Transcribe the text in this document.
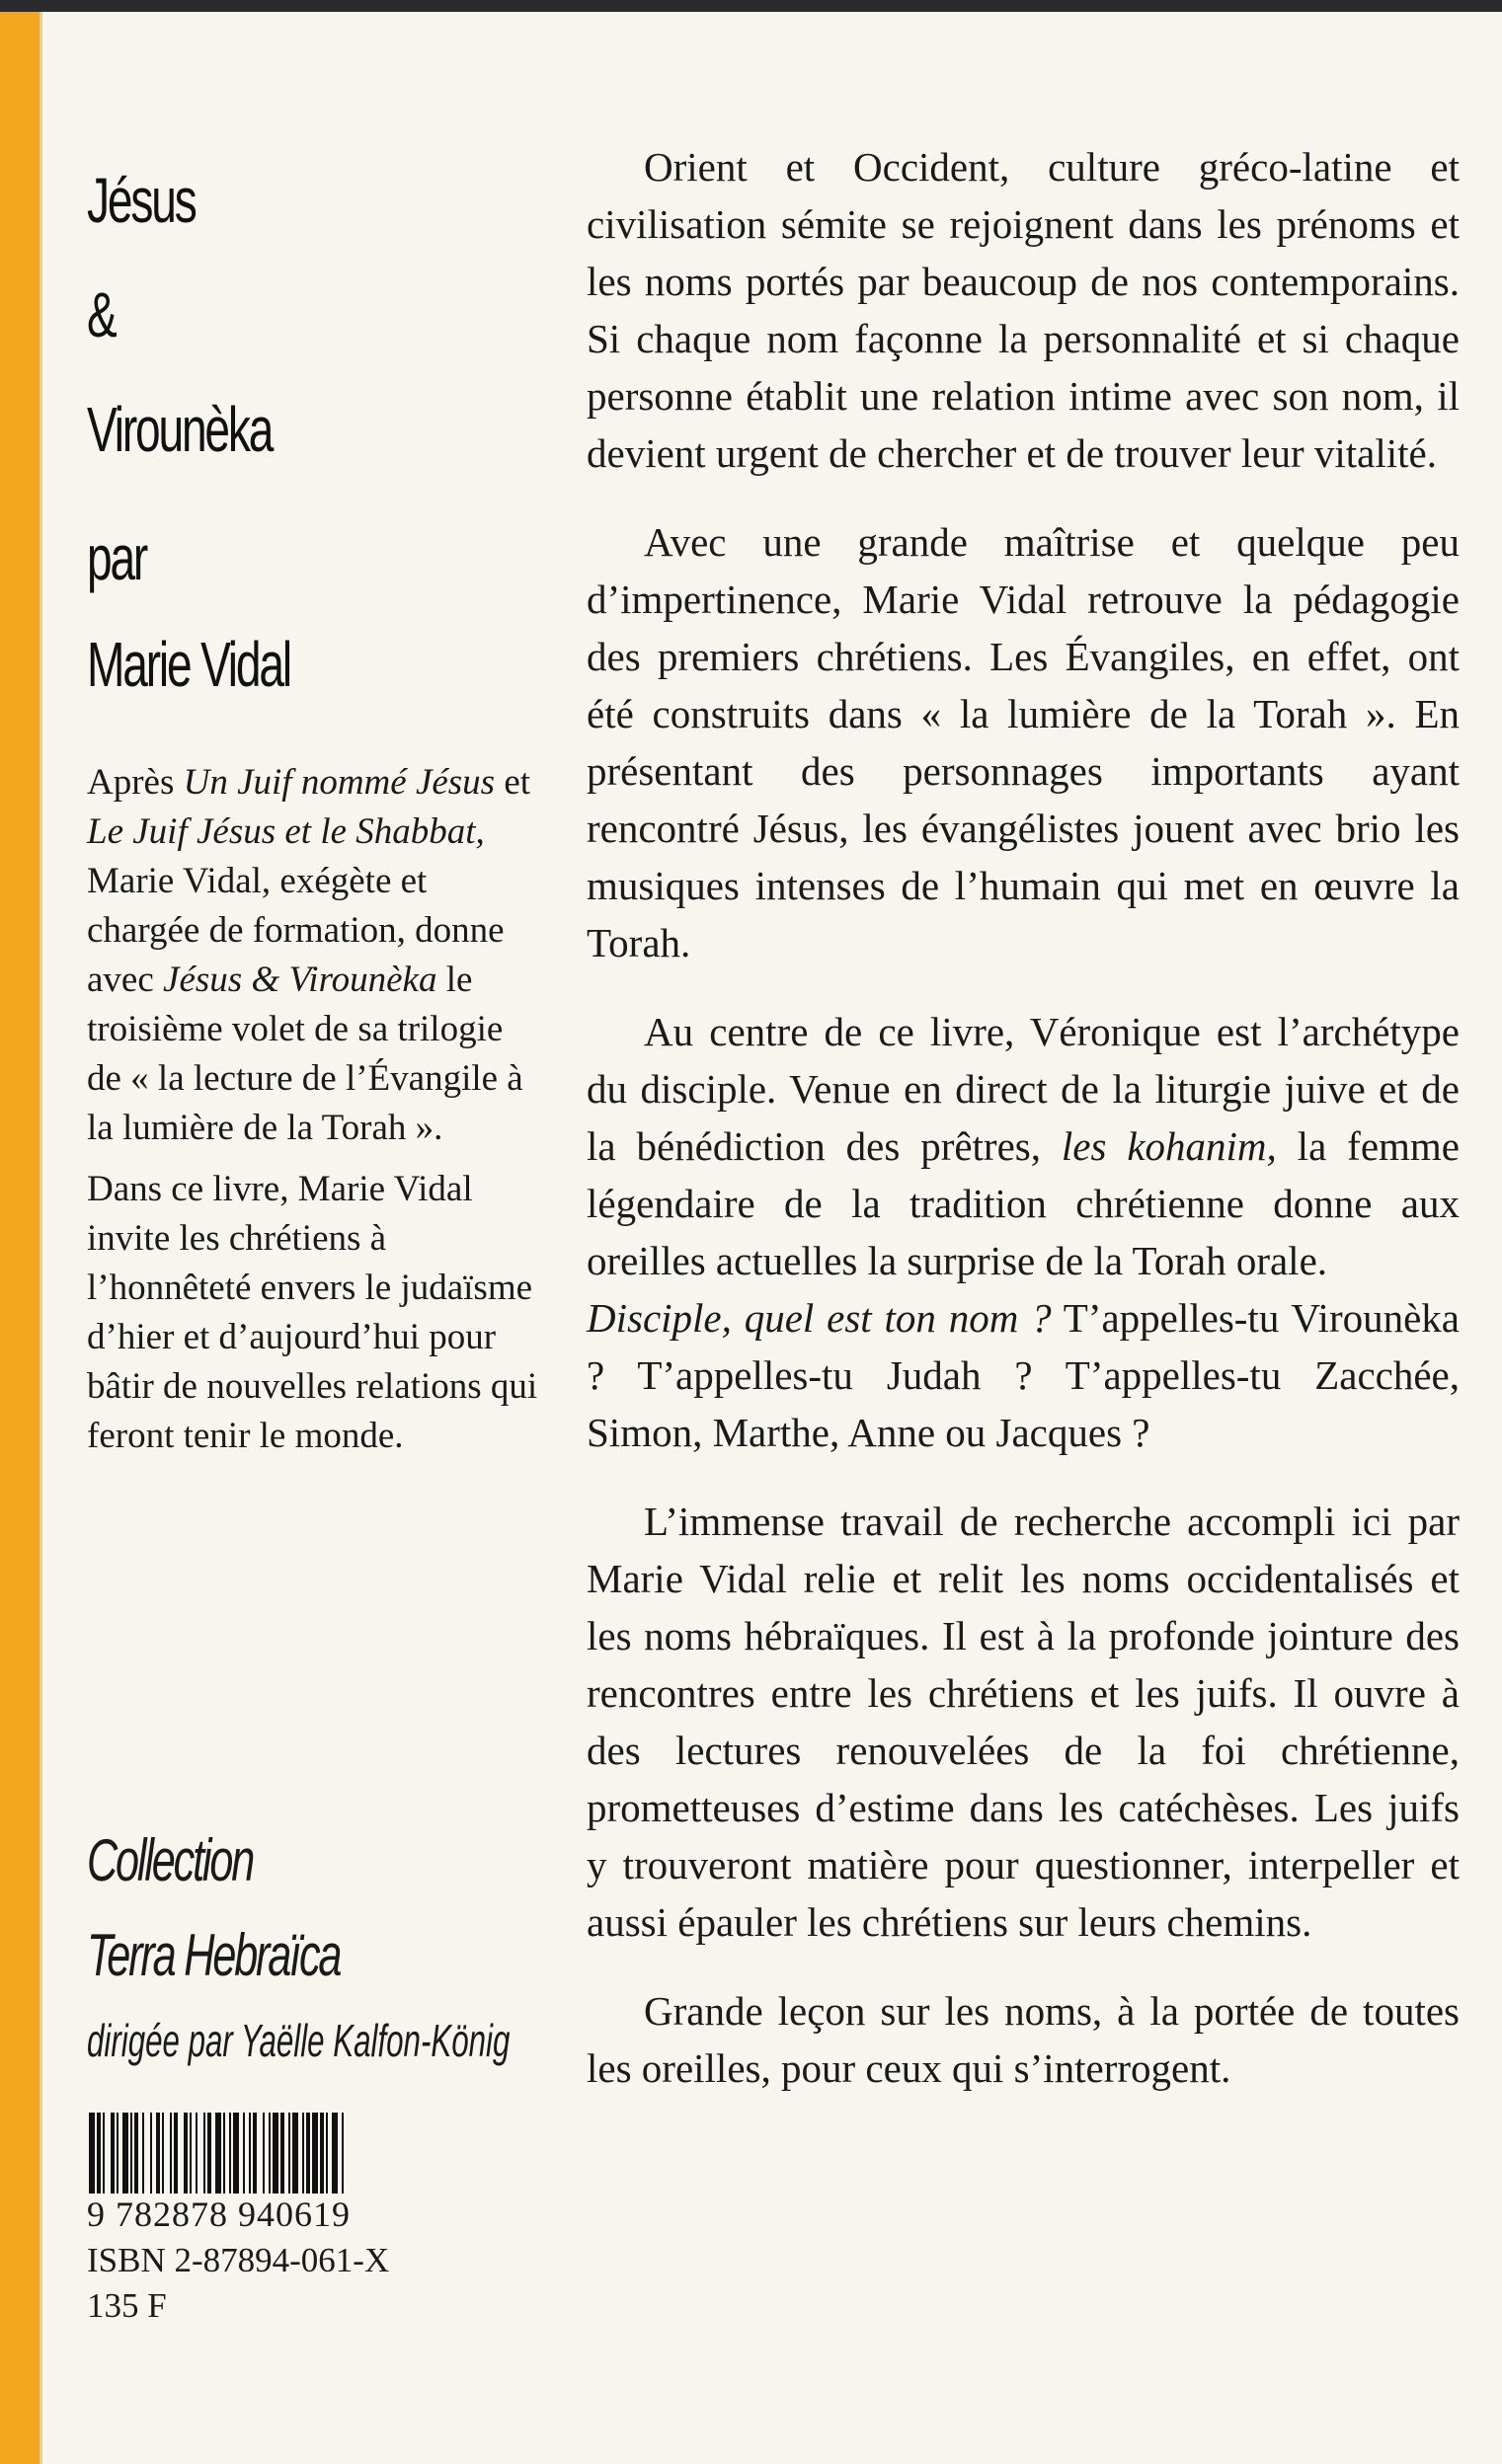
Jésus
&
Virounèka
par
Marie Vidal

Après Un Juif nommé Jésus et Le Juif Jésus et le Shabbat, Marie Vidal, exégète et chargée de formation, donne avec Jésus & Virounèka le troisième volet de sa trilogie de « la lecture de l’Évangile à la lumière de la Torah ».

Dans ce livre, Marie Vidal invite les chrétiens à l’honnêteté envers le judaïsme d’hier et d’aujourd’hui pour bâtir de nouvelles relations qui feront tenir le monde.

Collection
Terra Hebraïca
dirigée par Yaëlle Kalfon-König
9 782878 940619
ISBN 2-87894-061-X
135 F

Orient et Occident, culture gréco-latine et civilisation sémite se rejoignent dans les prénoms et les noms portés par beaucoup de nos contemporains. Si chaque nom façonne la personnalité et si chaque personne établit une relation intime avec son nom, il devient urgent de chercher et de trouver leur vitalité.

Avec une grande maîtrise et quelque peu d’impertinence, Marie Vidal retrouve la pédagogie des premiers chrétiens. Les Évangiles, en effet, ont été construits dans « la lumière de la Torah ». En présentant des personnages importants ayant rencontré Jésus, les évangélistes jouent avec brio les musiques intenses de l’humain qui met en œuvre la Torah.

Au centre de ce livre, Véronique est l’archétype du disciple. Venue en direct de la liturgie juive et de la bénédiction des prêtres, les kohanim, la femme légendaire de la tradition chrétienne donne aux oreilles actuelles la surprise de la Torah orale.
Disciple, quel est ton nom ? T’appelles-tu Virounèka ? T’appelles-tu Judah ? T’appelles-tu Zacchée, Simon, Marthe, Anne ou Jacques ?

L’immense travail de recherche accompli ici par Marie Vidal relie et relit les noms occidentalisés et les noms hébraïques. Il est à la profonde jointure des rencontres entre les chrétiens et les juifs. Il ouvre à des lectures renouvelées de la foi chrétienne, prometteuses d’estime dans les catéchèses. Les juifs y trouveront matière pour questionner, interpeller et aussi épauler les chrétiens sur leurs chemins.

Grande leçon sur les noms, à la portée de toutes les oreilles, pour ceux qui s’interrogent.
